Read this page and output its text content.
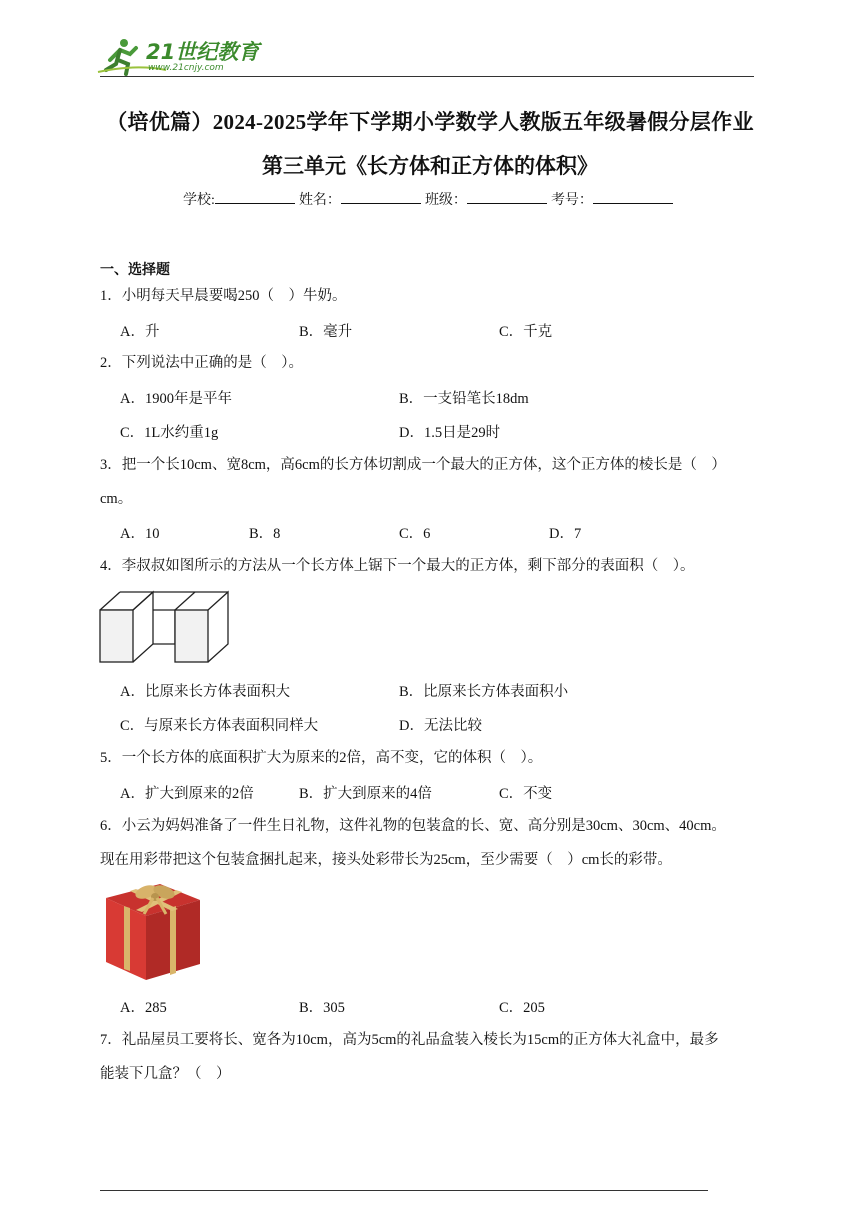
21世纪教育
www.21cnjy.com
（培优篇）2024-2025学年下学期小学数学人教版五年级暑假分层作业
第三单元《长方体和正方体的体积》
学校:	姓名：	班级：	考号：
一、选择题
1．小明每天早晨要喝250（　）牛奶。
A．升	B．毫升	C．千克
2．下列说法中正确的是（　）。
A．1900年是平年	B．一支铅笔长18dm
C．1L水约重1g	D．1.5日是29时
3．把一个长10cm、宽8cm，高6cm的长方体切割成一个最大的正方体，这个正方体的棱长是（　）
cm。
A．10	B．8	C．6	D．7
4．李叔叔如图所示的方法从一个长方体上锯下一个最大的正方体，剩下部分的表面积（　）。
A．比原来长方体表面积大	B．比原来长方体表面积小
C．与原来长方体表面积同样大	D．无法比较
5．一个长方体的底面积扩大为原来的2倍，高不变，它的体积（　）。
A．扩大到原来的2倍	B．扩大到原来的4倍	C．不变
6．小云为妈妈准备了一件生日礼物，这件礼物的包装盒的长、宽、高分别是30cm、30cm、40cm。
现在用彩带把这个包装盒捆扎起来，接头处彩带长为25cm，至少需要（　）cm长的彩带。
A．285	B．305	C．205
7．礼品屋员工要将长、宽各为10cm，高为5cm的礼品盒装入棱长为15cm的正方体大礼盒中，最多
能装下几盒？（　）
